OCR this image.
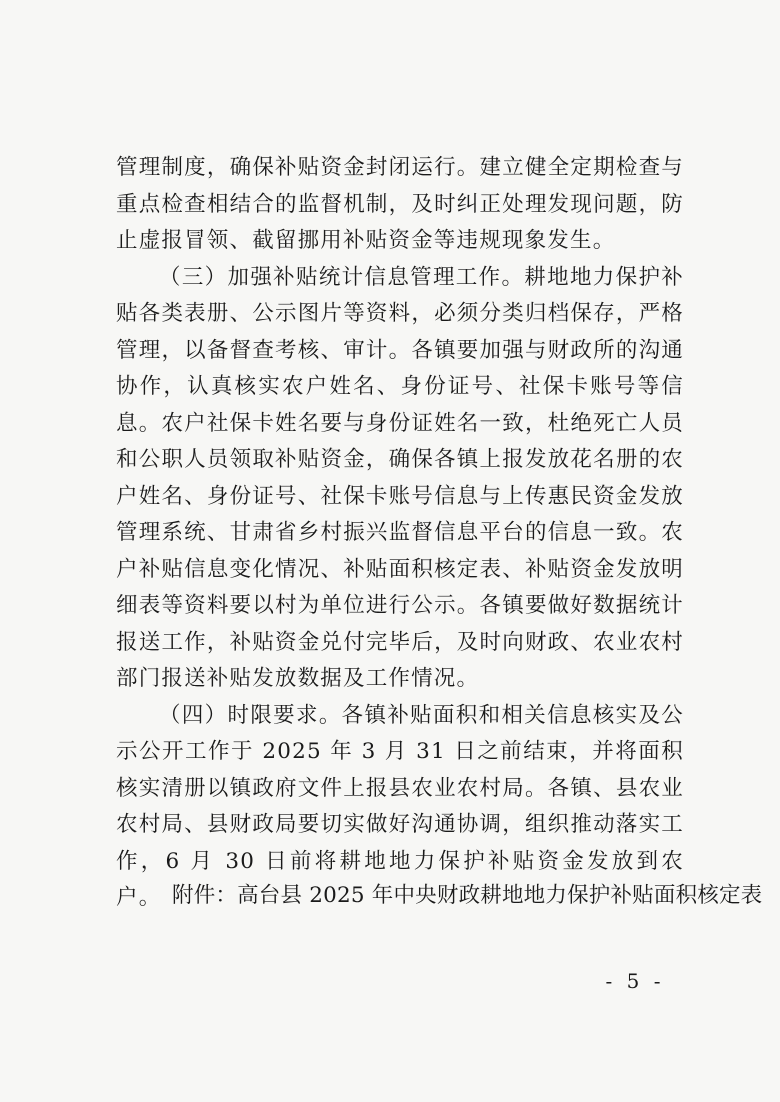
管理制度，确保补贴资金封闭运行。建立健全定期检查与重点检查相结合的监督机制，及时纠正处理发现问题，防止虚报冒领、截留挪用补贴资金等违规现象发生。

（三）加强补贴统计信息管理工作。耕地地力保护补贴各类表册、公示图片等资料，必须分类归档保存，严格管理，以备督查考核、审计。各镇要加强与财政所的沟通协作，认真核实农户姓名、身份证号、社保卡账号等信息。农户社保卡姓名要与身份证姓名一致，杜绝死亡人员和公职人员领取补贴资金，确保各镇上报发放花名册的农户姓名、身份证号、社保卡账号信息与上传惠民资金发放管理系统、甘肃省乡村振兴监督信息平台的信息一致。农户补贴信息变化情况、补贴面积核定表、补贴资金发放明细表等资料要以村为单位进行公示。各镇要做好数据统计报送工作，补贴资金兑付完毕后，及时向财政、农业农村部门报送补贴发放数据及工作情况。

（四）时限要求。各镇补贴面积和相关信息核实及公示公开工作于 2025 年 3 月 31 日之前结束，并将面积核实清册以镇政府文件上报县农业农村局。各镇、县农业农村局、县财政局要切实做好沟通协调，组织推动落实工作，6 月 30 日前将耕地地力保护补贴资金发放到农户。 附件：高台县 2025 年中央财政耕地地力保护补贴面积核定表
- 5 -
